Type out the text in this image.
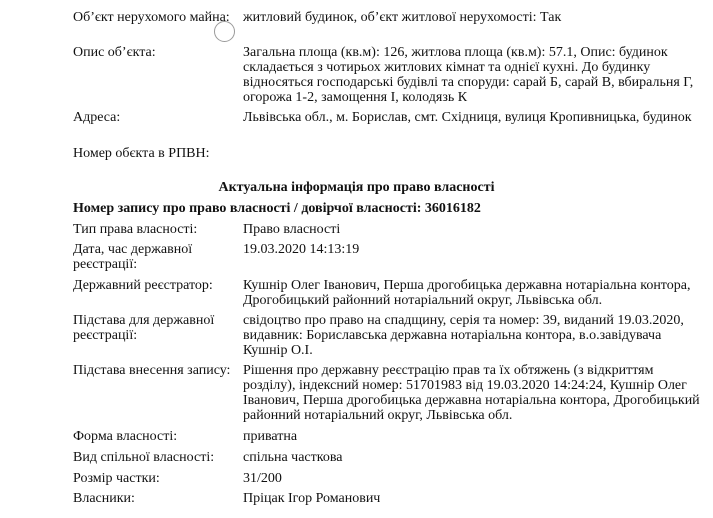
Об’єкт нерухомого майна: житловий будинок, об’єкт житлової нерухомості: Так
Опис об’єкта:	Загальна площа (кв.м): 126, житлова площа (кв.м): 57.1, Опис: будинок складається з чотирьох житлових кімнат та однієї кухні. До будинку відносяться господарські будівлі та споруди: сарай Б, сарай В, вбиральня Г, огорожа 1-2, замощення І, колодязь К
Адреса:	Львівська обл., м. Борислав, смт. Східниця, вулиця Кропивницька, будинок
Номер обєкта в РПВН:
Актуальна інформація про право власності
Номер запису про право власності / довірчої власності: 36016182
Тип права власності:	Право власності
Дата, час державної реєстрації:
19.03.2020 14:13:19
Державний реєстратор:	Кушнір Олег Іванович, Перша дрогобицька державна нотаріальна контора, Дрогобицький районний нотаріальний округ, Львівська обл.
Підстава для державної реєстрації:
свідоцтво про право на спадщину, серія та номер: 39, виданий 19.03.2020, видавник: Бориславська державна нотаріальна контора, в.о.завідувача Кушнір О.І.
Підстава внесення запису: Рішення про державну реєстрацію прав та їх обтяжень (з відкриттям розділу), індексний номер: 51701983 від 19.03.2020 14:24:24, Кушнір Олег Іванович, Перша дрогобицька державна нотаріальна контора, Дрогобицький районний нотаріальний округ, Львівська обл.
Форма власності:	приватна
Вид спільної власності:	спільна часткова
Розмір частки:	31/200
Власники:	Пріцак Ігор Романович
